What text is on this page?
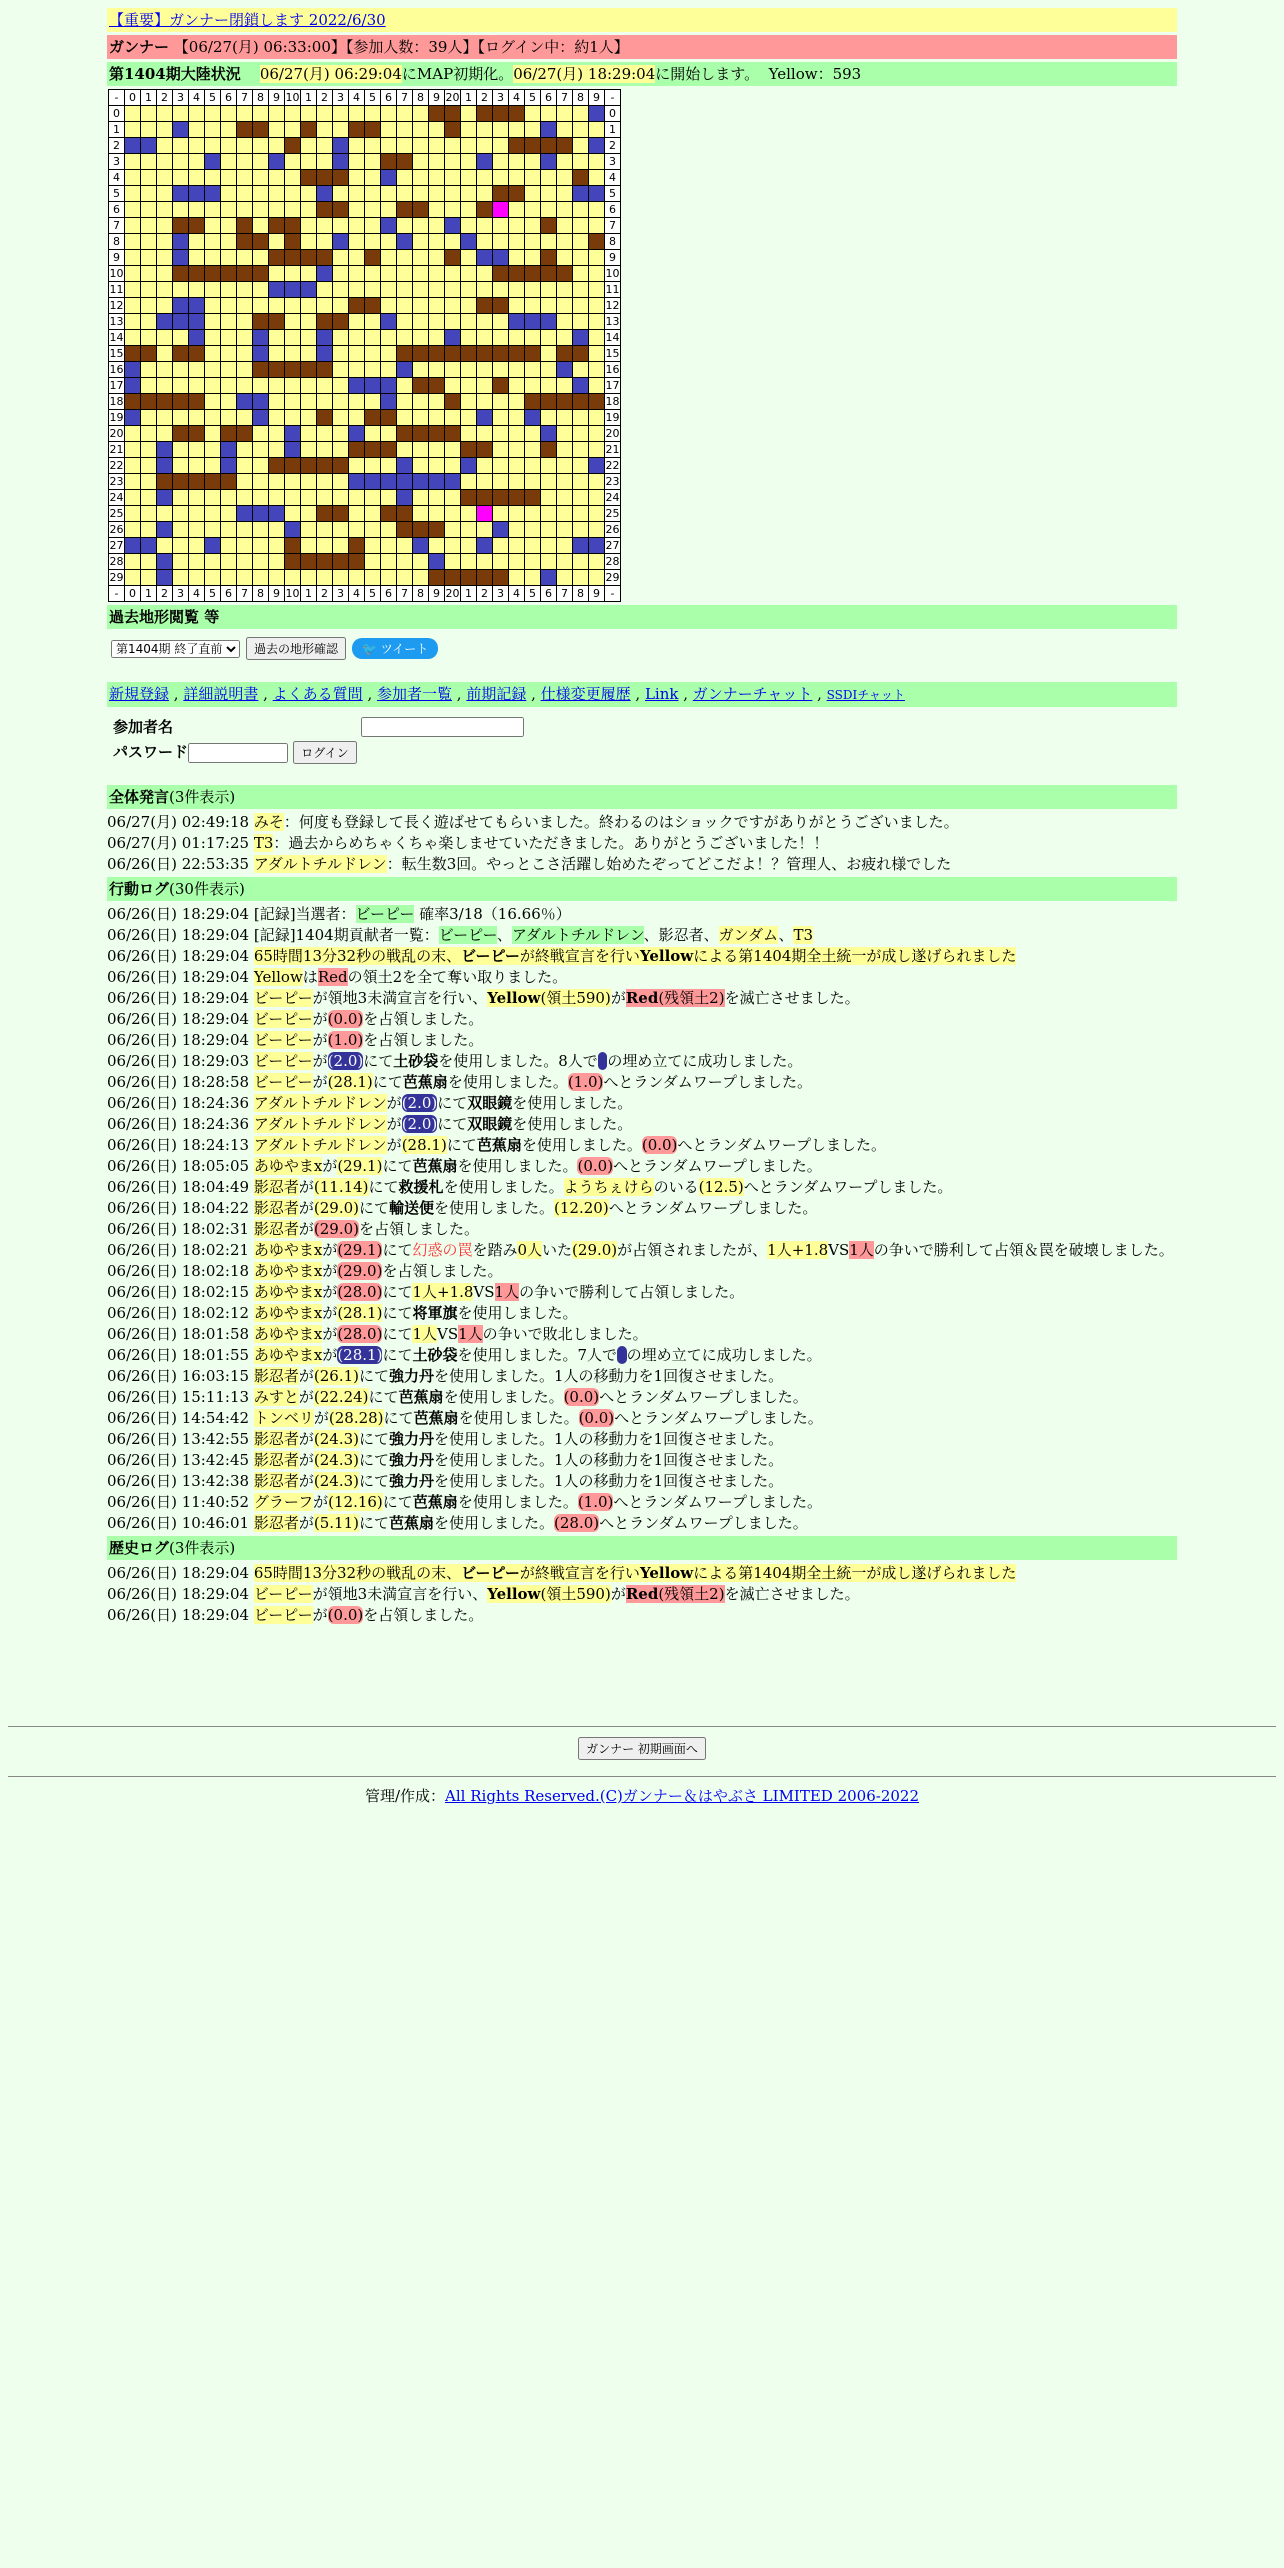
【重要】ガンナー閉鎖します 2022/6/30
ガンナー 【06/27(月) 06:33:00】【参加人数：39人】【ログイン中：約1人】
第1404期大陸状況 06/27(月) 06:29:04にMAP初期化。06/27(月) 18:29:04に開始します。 Yellow：593
-	0	1	2	3	4	5	6	7	8	9	10	1	2	3	4	5	6	7	8	9	20	1	2	3	4	5	6	7	8	9	-
0																															0
1																															1
2																															2
3																															3
4																															4
5																															5
6																															6
7																															7
8																															8
9																															9
10																															10
11																															11
12																															12
13																															13
14																															14
15																															15
16																															16
17																															17
18																															18
19																															19
20																															20
21																															21
22																															22
23																															23
24																															24
25																															25
26																															26
27																															27
28																															28
29																															29
-	0	1	2	3	4	5	6	7	8	9	10	1	2	3	4	5	6	7	8	9	20	1	2	3	4	5	6	7	8	9	-
過去地形閲覧 等
第1404期 終了直前
過去の地形確認	🐦 ツイート
新規登録 , 詳細説明書 , よくある質問 , 参加者一覧 , 前期記録 , 仕様変更履歴 , Link , ガンナーチャット , SSDIチャット
参加者名	
パスワード ログイン	
全体発言(3件表示)
06/27(月) 02:49:18 みそ：何度も登録して長く遊ばせてもらいました。終わるのはショックですがありがとうございました。
06/27(月) 01:17:25 T3：過去からめちゃくちゃ楽しませていただきました。ありがとうございました！！
06/26(日) 22:53:35 アダルトチルドレン：転生数3回。やっとこさ活躍し始めたぞってどこだよ！？管理人、お疲れ様でした
行動ログ(30件表示)
06/26(日) 18:29:04 [記録]当選者：ビーピー 確率3/18（16.66％）
06/26(日) 18:29:04 [記録]1404期貢献者一覧：ビーピー、アダルトチルドレン、影忍者、ガンダム、T3
06/26(日) 18:29:04 65時間13分32秒の戦乱の末、ビーピーが終戦宣言を行いYellowによる第1404期全土統一が成し遂げられました
06/26(日) 18:29:04 YellowはRedの領土2を全て奪い取りました。
06/26(日) 18:29:04 ビーピーが領地3未満宣言を行い、Yellow(領土590)がRed(残領土2)を滅亡させました。
06/26(日) 18:29:04 ビーピーが(0.0)を占領しました。
06/26(日) 18:29:04 ビーピーが(1.0)を占領しました。
06/26(日) 18:29:03 ビーピーが(2.0)にて土砂袋を使用しました。8人で の埋め立てに成功しました。
06/26(日) 18:28:58 ビーピーが(28.1)にて芭蕉扇を使用しました。(1.0)へとランダムワープしました。
06/26(日) 18:24:36 アダルトチルドレンが(2.0)にて双眼鏡を使用しました。
06/26(日) 18:24:36 アダルトチルドレンが(2.0)にて双眼鏡を使用しました。
06/26(日) 18:24:13 アダルトチルドレンが(28.1)にて芭蕉扇を使用しました。(0.0)へとランダムワープしました。
06/26(日) 18:05:05 あゆやまxが(29.1)にて芭蕉扇を使用しました。(0.0)へとランダムワープしました。
06/26(日) 18:04:49 影忍者が(11.14)にて救援札を使用しました。ようちぇけらのいる(12.5)へとランダムワープしました。
06/26(日) 18:04:22 影忍者が(29.0)にて輸送便を使用しました。(12.20)へとランダムワープしました。
06/26(日) 18:02:31 影忍者が(29.0)を占領しました。
06/26(日) 18:02:21 あゆやまxが(29.1)にて幻惑の罠を踏み0人いた(29.0)が占領されましたが、1人+1.8VS1人の争いで勝利して占領＆罠を破壊しました。
06/26(日) 18:02:18 あゆやまxが(29.0)を占領しました。
06/26(日) 18:02:15 あゆやまxが(28.0)にて1人+1.8VS1人の争いで勝利して占領しました。
06/26(日) 18:02:12 あゆやまxが(28.1)にて将軍旗を使用しました。
06/26(日) 18:01:58 あゆやまxが(28.0)にて1人VS1人の争いで敗北しました。
06/26(日) 18:01:55 あゆやまxが(28.1)にて土砂袋を使用しました。7人で の埋め立てに成功しました。
06/26(日) 16:03:15 影忍者が(26.1)にて強力丹を使用しました。1人の移動力を1回復させました。
06/26(日) 15:11:13 みすとが(22.24)にて芭蕉扇を使用しました。(0.0)へとランダムワープしました。
06/26(日) 14:54:42 トンベリが(28.28)にて芭蕉扇を使用しました。(0.0)へとランダムワープしました。
06/26(日) 13:42:55 影忍者が(24.3)にて強力丹を使用しました。1人の移動力を1回復させました。
06/26(日) 13:42:45 影忍者が(24.3)にて強力丹を使用しました。1人の移動力を1回復させました。
06/26(日) 13:42:38 影忍者が(24.3)にて強力丹を使用しました。1人の移動力を1回復させました。
06/26(日) 11:40:52 グラーフが(12.16)にて芭蕉扇を使用しました。(1.0)へとランダムワープしました。
06/26(日) 10:46:01 影忍者が(5.11)にて芭蕉扇を使用しました。(28.0)へとランダムワープしました。
歴史ログ(3件表示)
06/26(日) 18:29:04 65時間13分32秒の戦乱の末、ビーピーが終戦宣言を行いYellowによる第1404期全土統一が成し遂げられました
06/26(日) 18:29:04 ビーピーが領地3未満宣言を行い、Yellow(領土590)がRed(残領土2)を滅亡させました。
06/26(日) 18:29:04 ビーピーが(0.0)を占領しました。
ガンナー 初期画面へ
管理/作成：All Rights Reserved.(C)ガンナー＆はやぶさ LIMITED 2006-2022
